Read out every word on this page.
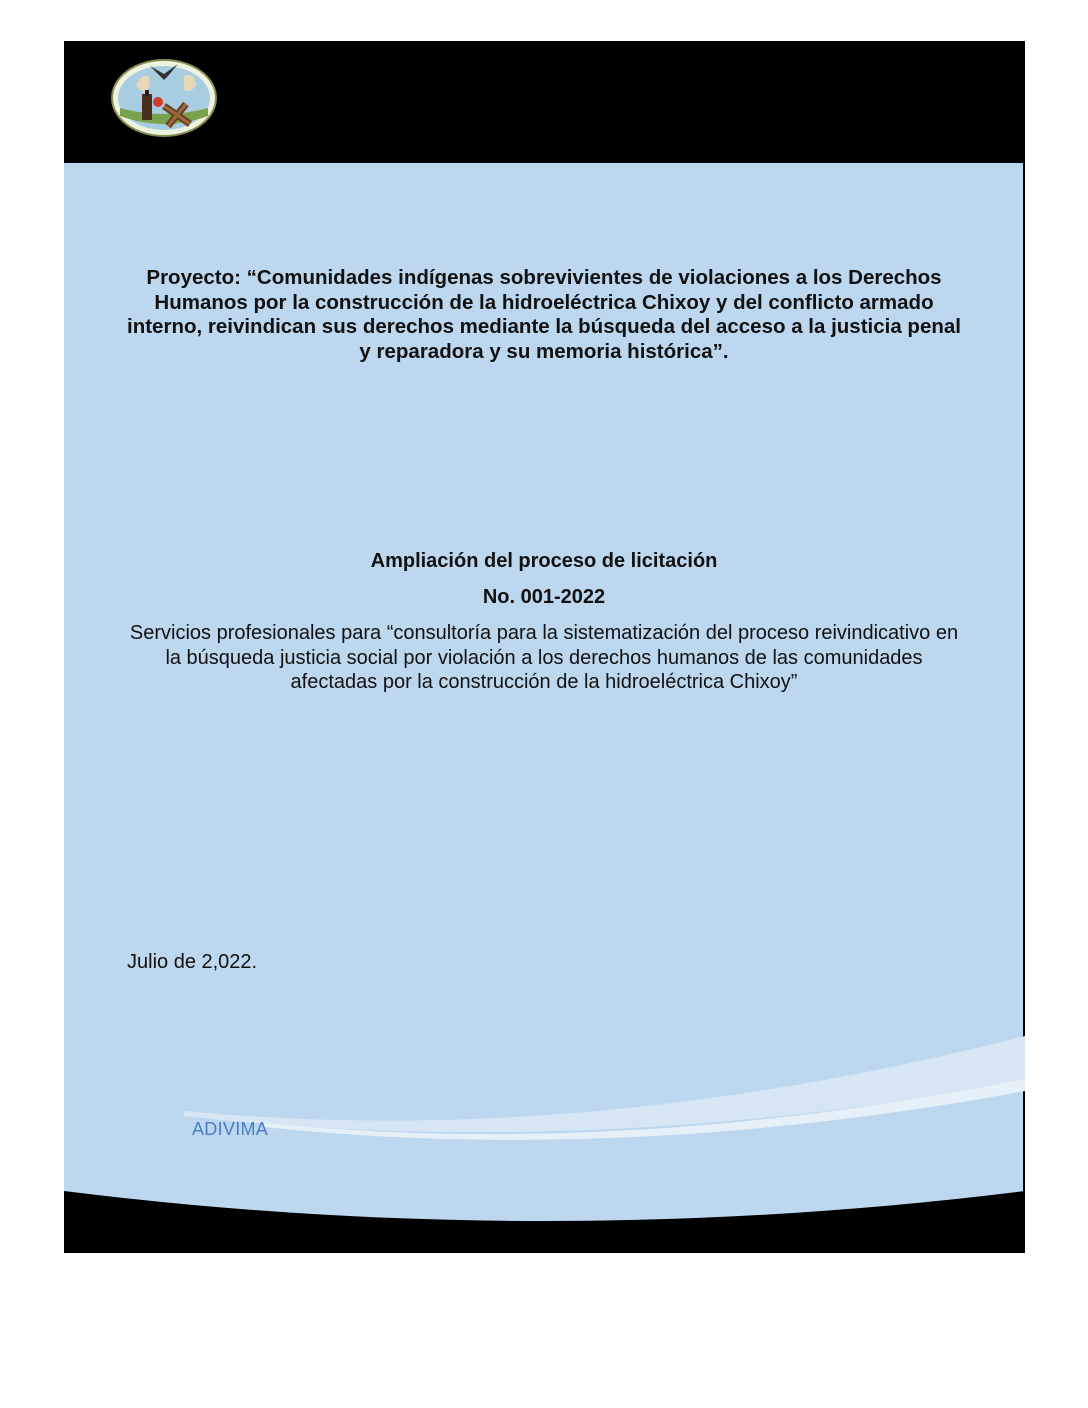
Proyecto: “Comunidades indígenas sobrevivientes de violaciones a los Derechos Humanos por la construcción de la hidroeléctrica Chixoy y del conflicto armado interno, reivindican sus derechos mediante la búsqueda del acceso a la justicia penal y reparadora y su memoria histórica”.
Ampliación del proceso de licitación
No. 001-2022
Servicios profesionales para “consultoría para la sistematización del proceso reivindicativo en la búsqueda justicia social por violación a los derechos humanos de las comunidades afectadas por la construcción de la hidroeléctrica Chixoy”
Julio de 2,022.
ADIVIMA
